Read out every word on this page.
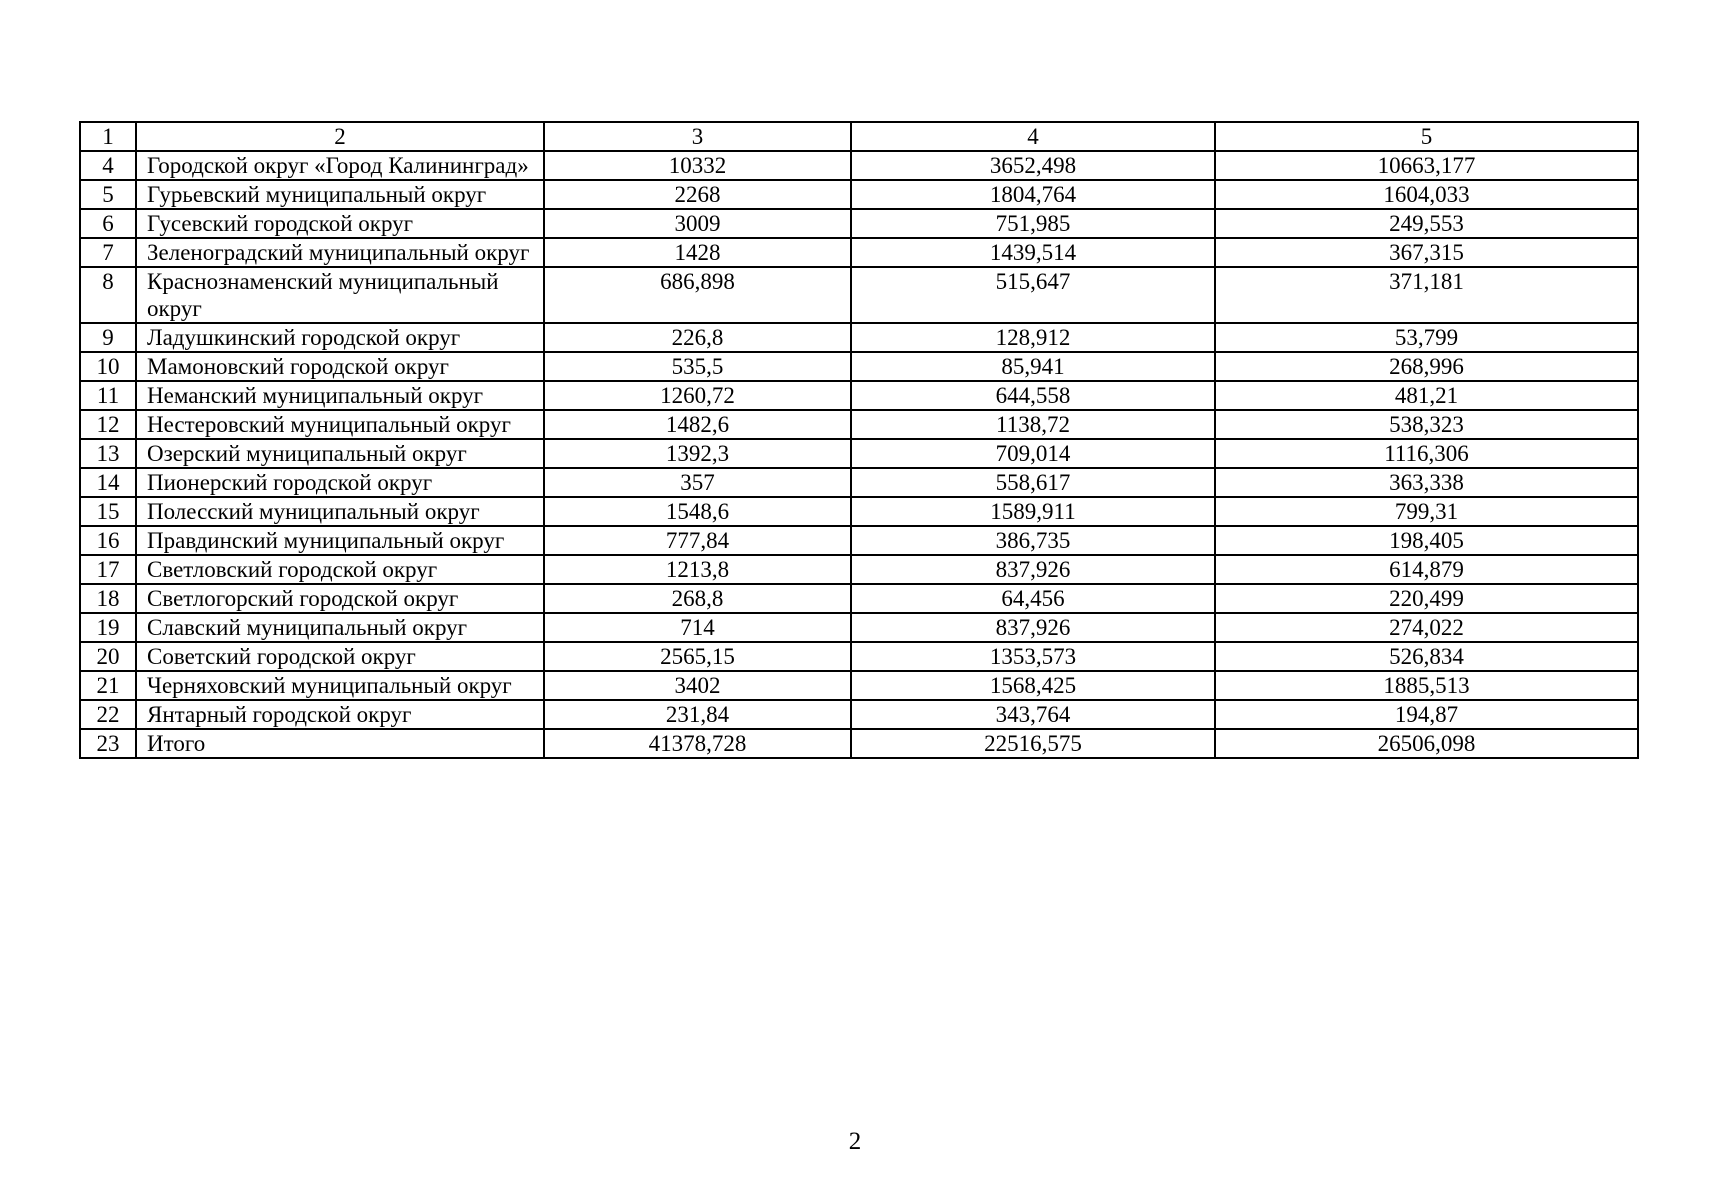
1	2	3	4	5
4	Городской округ «Город Калининград»	10332	3652,498	10663,177
5	Гурьевский муниципальный округ	2268	1804,764	1604,033
6	Гусевский городской округ	3009	751,985	249,553
7	Зеленоградский муниципальный округ	1428	1439,514	367,315
8	Краснознаменский муниципальный округ	686,898	515,647	371,181
9	Ладушкинский городской округ	226,8	128,912	53,799
10	Мамоновский городской округ	535,5	85,941	268,996
11	Неманский муниципальный округ	1260,72	644,558	481,21
12	Нестеровский муниципальный округ	1482,6	1138,72	538,323
13	Озерский муниципальный округ	1392,3	709,014	1116,306
14	Пионерский городской округ	357	558,617	363,338
15	Полесский муниципальный округ	1548,6	1589,911	799,31
16	Правдинский муниципальный округ	777,84	386,735	198,405
17	Светловский городской округ	1213,8	837,926	614,879
18	Светлогорский городской округ	268,8	64,456	220,499
19	Славский муниципальный округ	714	837,926	274,022
20	Советский городской округ	2565,15	1353,573	526,834
21	Черняховский муниципальный округ	3402	1568,425	1885,513
22	Янтарный городской округ	231,84	343,764	194,87
23	Итого	41378,728	22516,575	26506,098
2
